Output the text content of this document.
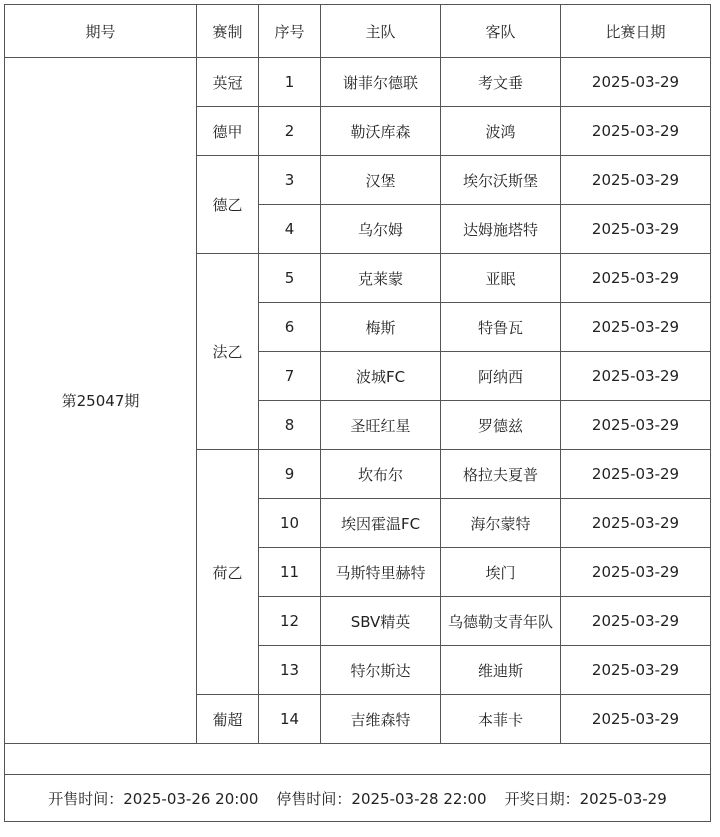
期号	赛制	序号	主队	客队	比赛日期
第25047期	英冠	1	谢菲尔德联	考文垂	2025-03-29
	德甲	2	勒沃库森	波鸿	2025-03-29
	德乙	3	汉堡	埃尔沃斯堡	2025-03-29
		4	乌尔姆	达姆施塔特	2025-03-29
	法乙	5	克莱蒙	亚眠	2025-03-29
		6	梅斯	特鲁瓦	2025-03-29
		7	波城FC	阿纳西	2025-03-29
		8	圣旺红星	罗德兹	2025-03-29
	荷乙	9	坎布尔	格拉夫夏普	2025-03-29
		10	埃因霍温FC	海尔蒙特	2025-03-29
		11	马斯特里赫特	埃门	2025-03-29
		12	SBV精英	乌德勒支青年队	2025-03-29
		13	特尔斯达	维迪斯	2025-03-29
	葡超	14	吉维森特	本菲卡	2025-03-29

开售时间：2025-03-26 20:00 停售时间：2025-03-28 22:00 开奖日期：2025-03-29					
